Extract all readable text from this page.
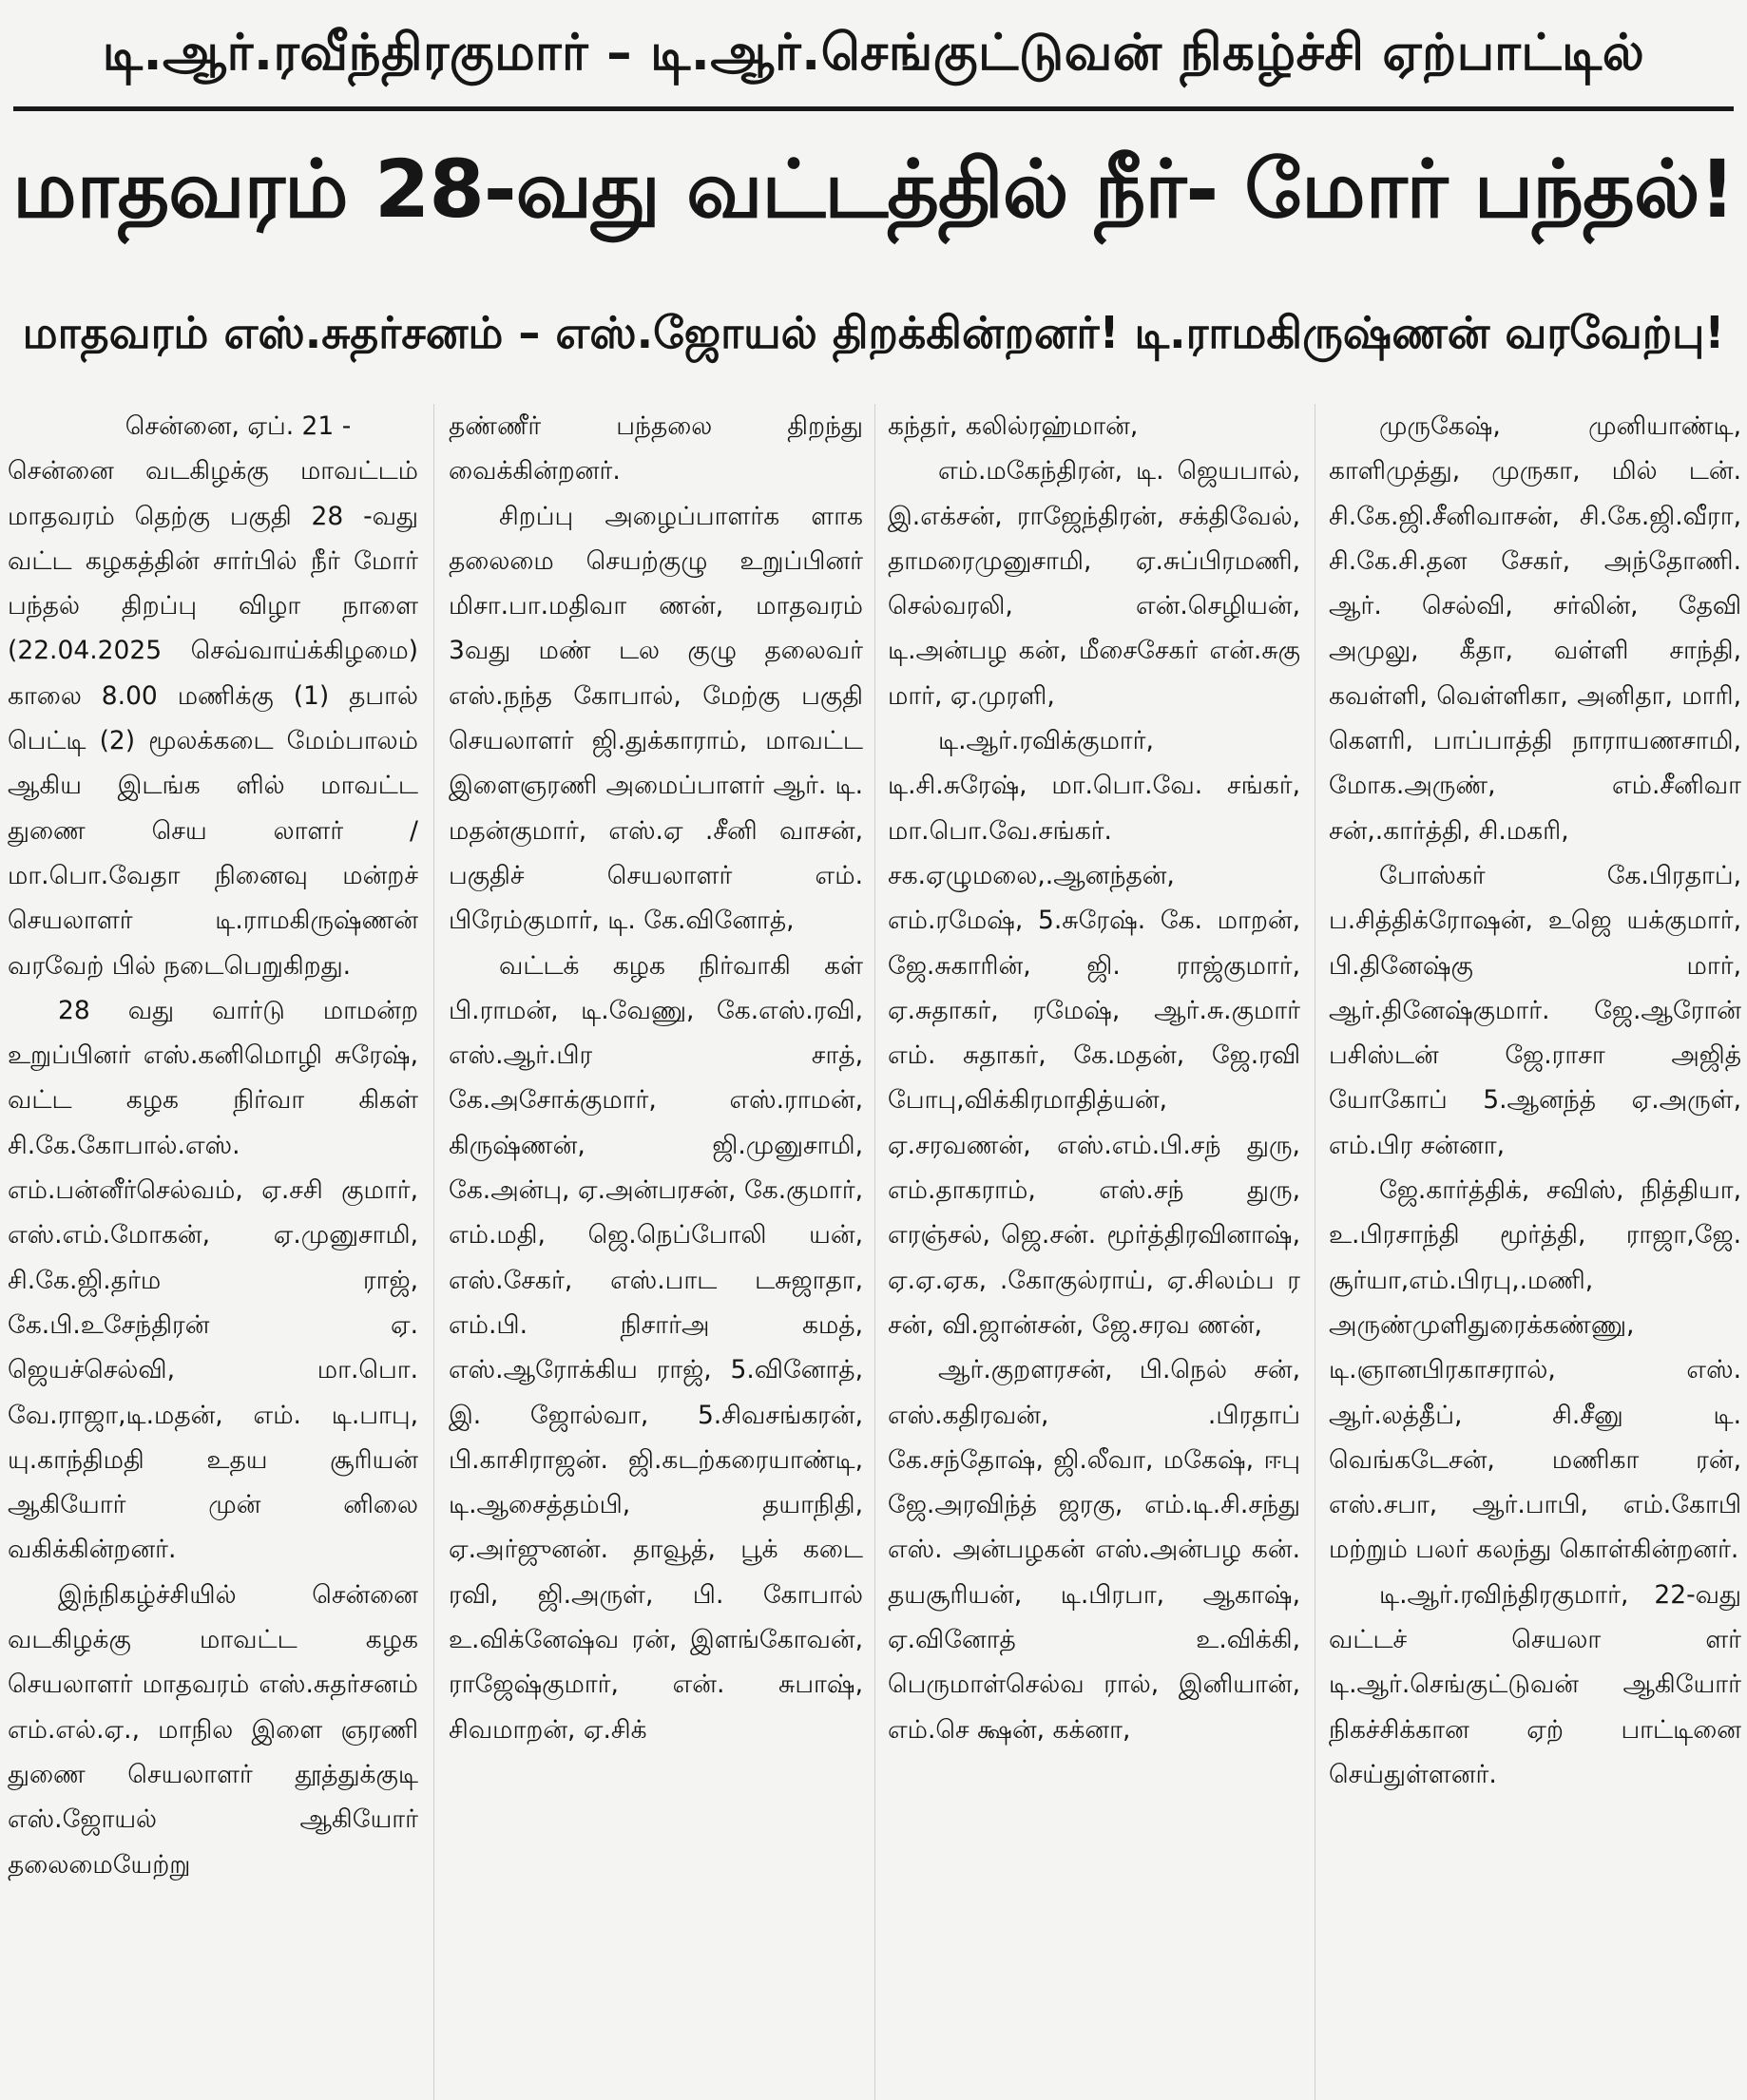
டி.ஆர்.ரவீந்திரகுமார் – டி.ஆர்.செங்குட்டுவன் நிகழ்ச்சி ஏற்பாட்டில்
மாதவரம் 28-வது வட்டத்தில் நீர்- மோர் பந்தல்!
மாதவரம் எஸ்.சுதர்சனம் – எஸ்.ஜோயல் திறக்கின்றனர்! டி.ராமகிருஷ்ணன் வரவேற்பு!

சென்னை, ஏப். 21 -

சென்னை வடகிழக்கு மாவட்டம் மாதவரம் தெற்கு பகுதி 28 -வது வட்ட கழகத்தின் சார்பில் நீர் மோர் பந்தல் திறப்பு விழா நாளை (22.04.2025 செவ்வாய்க்கிழமை) காலை 8.00 மணிக்கு (1) தபால் பெட்டி (2) மூலக்கடை மேம்பாலம் ஆகிய இடங்க ளில் மாவட்ட துணை செய லாளர் / மா.பொ.வேதா நினைவு மன்றச் செயலாளர் டி.ராமகிருஷ்ணன் வரவேற் பில் நடைபெறுகிறது.

28 வது வார்டு மாமன்ற உறுப்பினர் எஸ்.கனிமொழி சுரேஷ், வட்ட கழக நிர்வா கிகள் சி.கே.கோபால்.எஸ். எம்.பன்னீர்செல்வம், ஏ.சசி குமார், எஸ்.எம்.மோகன், ஏ.முனுசாமி, சி.கே.ஜி.தர்ம ராஜ், கே.பி.உசேந்திரன் ஏ. ஜெயச்செல்வி, மா.பொ. வே.ராஜா,டி.மதன், எம். டி.பாபு, யு.காந்திமதி உதய சூரியன் ஆகியோர் முன் னிலை வகிக்கின்றனர்.

இந்நிகழ்ச்சியில் சென்னை வடகிழக்கு மாவட்ட கழக செயலாளர் மாதவரம் எஸ்.சுதர்சனம் எம்.எல்.ஏ., மாநில இளை ஞரணி துணை செயலாளர் தூத்துக்குடி எஸ்.ஜோயல் ஆகியோர் தலைமையேற்று

தண்ணீர் பந்தலை திறந்து வைக்கின்றனர்.

சிறப்பு அழைப்பாளர்க ளாக தலைமை செயற்குழு உறுப்பினர் மிசா.பா.மதிவா ணன், மாதவரம் 3வது மண் டல குழு தலைவர் எஸ்.நந்த கோபால், மேற்கு பகுதி செயலாளர் ஜி.துக்காராம், மாவட்ட இளைஞரணி அமைப்பாளர் ஆர். டி. மதன்குமார், எஸ்.ஏ .சீனி வாசன், பகுதிச் செயலாளர் எம். பிரேம்குமார், டி. கே.வினோத்,

வட்டக் கழக நிர்வாகி கள் பி.ராமன், டி.வேணு, கே.எஸ்.ரவி, எஸ்.ஆர்.பிர சாத், கே.அசோக்குமார், எஸ்.ராமன், கிருஷ்ணன், ஜி.முனுசாமி, கே.அன்பு, ஏ.அன்பரசன், கே.குமார், எம்.மதி, ஜெ.நெப்போலி யன், எஸ்.சேகர், எஸ்.பாட டசுஜாதா, எம்.பி. நிசார்அ கமத், எஸ்.ஆரோக்கிய ராஜ், 5.வினோத், இ. ஜோல்வா, 5.சிவசங்கரன், பி.காசிராஜன். ஜி.கடற்கரையாண்டி, டி.ஆசைத்தம்பி, தயாநிதி, ஏ.அர்ஜுனன். தாவூத், பூக் கடை ரவி, ஜி.அருள், பி. கோபால் உ.விக்னேஷ்வ ரன், இளங்கோவன், ராஜேஷ்குமார், என். சுபாஷ், சிவமாறன், ஏ.சிக்

கந்தர், கலில்ரஹ்மான்,

எம்.மகேந்திரன், டி. ஜெயபால், இ.எக்சன், ராஜேந்திரன், சக்திவேல், தாமரைமுனுசாமி, ஏ.சுப்பிரமணி, செல்வரலி, என்.செழியன், டி.அன்பழ கன், மீசைசேகர் என்.சுகு மார், ஏ.முரளி,

டி.ஆர்.ரவிக்குமார், டி.சி.சுரேஷ், மா.பொ.வே. சங்கர், மா.பொ.வே.சங்கர். சக.ஏழுமலை,.ஆனந்தன், எம்.ரமேஷ், 5.சுரேஷ். கே. மாறன், ஜே.சுகாரின், ஜி. ராஜ்குமார், ஏ.சுதாகர், ரமேஷ், ஆர்.சு.குமார் எம். சுதாகர், கே.மதன், ஜே.ரவி போபு,விக்கிரமாதித்யன், ஏ.சரவணன், எஸ்.எம்.பி.சந் துரு, எம்.தாகராம், எஸ்.சந் துரு, எரஞ்சல், ஜெ.சன். மூர்த்திரவினாஷ், ஏ.ஏ.ஏக, .கோகுல்ராய், ஏ.சிலம்ப ர சன், வி.ஜான்சன், ஜே.சரவ ணன்,

ஆர்.குறளரசன், பி.நெல் சன், எஸ்.கதிரவன், .பிரதாப் கே.சந்தோஷ், ஜி.லீவா, மகேஷ், ஈபு ஜே.அரவிந்த் ஜரகு, எம்.டி.சி.சந்து எஸ். அன்பழகன் எஸ்.அன்பழ கன். தயசூரியன், டி.பிரபா, ஆகாஷ், ஏ.வினோத் உ.விக்கி, பெருமாள்செல்வ ரால், இனியான், எம்.செ க்ஷன், கக்னா,

முருகேஷ், முனியாண்டி, காளிமுத்து, முருகா, மில் டன். சி.கே.ஜி.சீனிவாசன், சி.கே.ஜி.வீரா, சி.கே.சி.தன சேகர், அந்தோணி. ஆர். செல்வி, சர்லின், தேவி அமுலு, கீதா, வள்ளி சாந்தி, கவள்ளி, வெள்ளிகா, அனிதா, மாரி, கௌரி, பாப்பாத்தி நாராயணசாமி, மோக.அருண், எம்.சீனிவா சன்,.கார்த்தி, சி.மகரி,

போஸ்கர் கே.பிரதாப், ப.சித்திக்ரோஷன், உஜெ யக்குமார், பி.தினேஷ்கு மார், ஆர்.தினேஷ்குமார். ஜே.ஆரோன் பசிஸ்டன் ஜே.ராசா அஜித் யோகோப் 5.ஆனந்த் ஏ.அருள், எம்.பிர சன்னா,

ஜே.கார்த்திக், சவிஸ், நித்தியா, உ.பிரசாந்தி மூர்த்தி, ராஜா,ஜே. சூர்யா,எம்.பிரபு,.மணி, அருண்முளிதுரைக்கண்ணு, டி.ஞானபிரகாசரால், எஸ். ஆர்.லத்தீப், சி.சீனு டி. வெங்கடேசன், மணிகா ரன், எஸ்.சபா, ஆர்.பாபி, எம்.கோபி மற்றும் பலர் கலந்து கொள்கின்றனர்.

டி.ஆர்.ரவிந்திரகுமார், 22-வது வட்டச் செயலா ளர் டி.ஆர்.செங்குட்டுவன் ஆகியோர் நிகச்சிக்கான ஏற் பாட்டினை செய்துள்ளனர்.
